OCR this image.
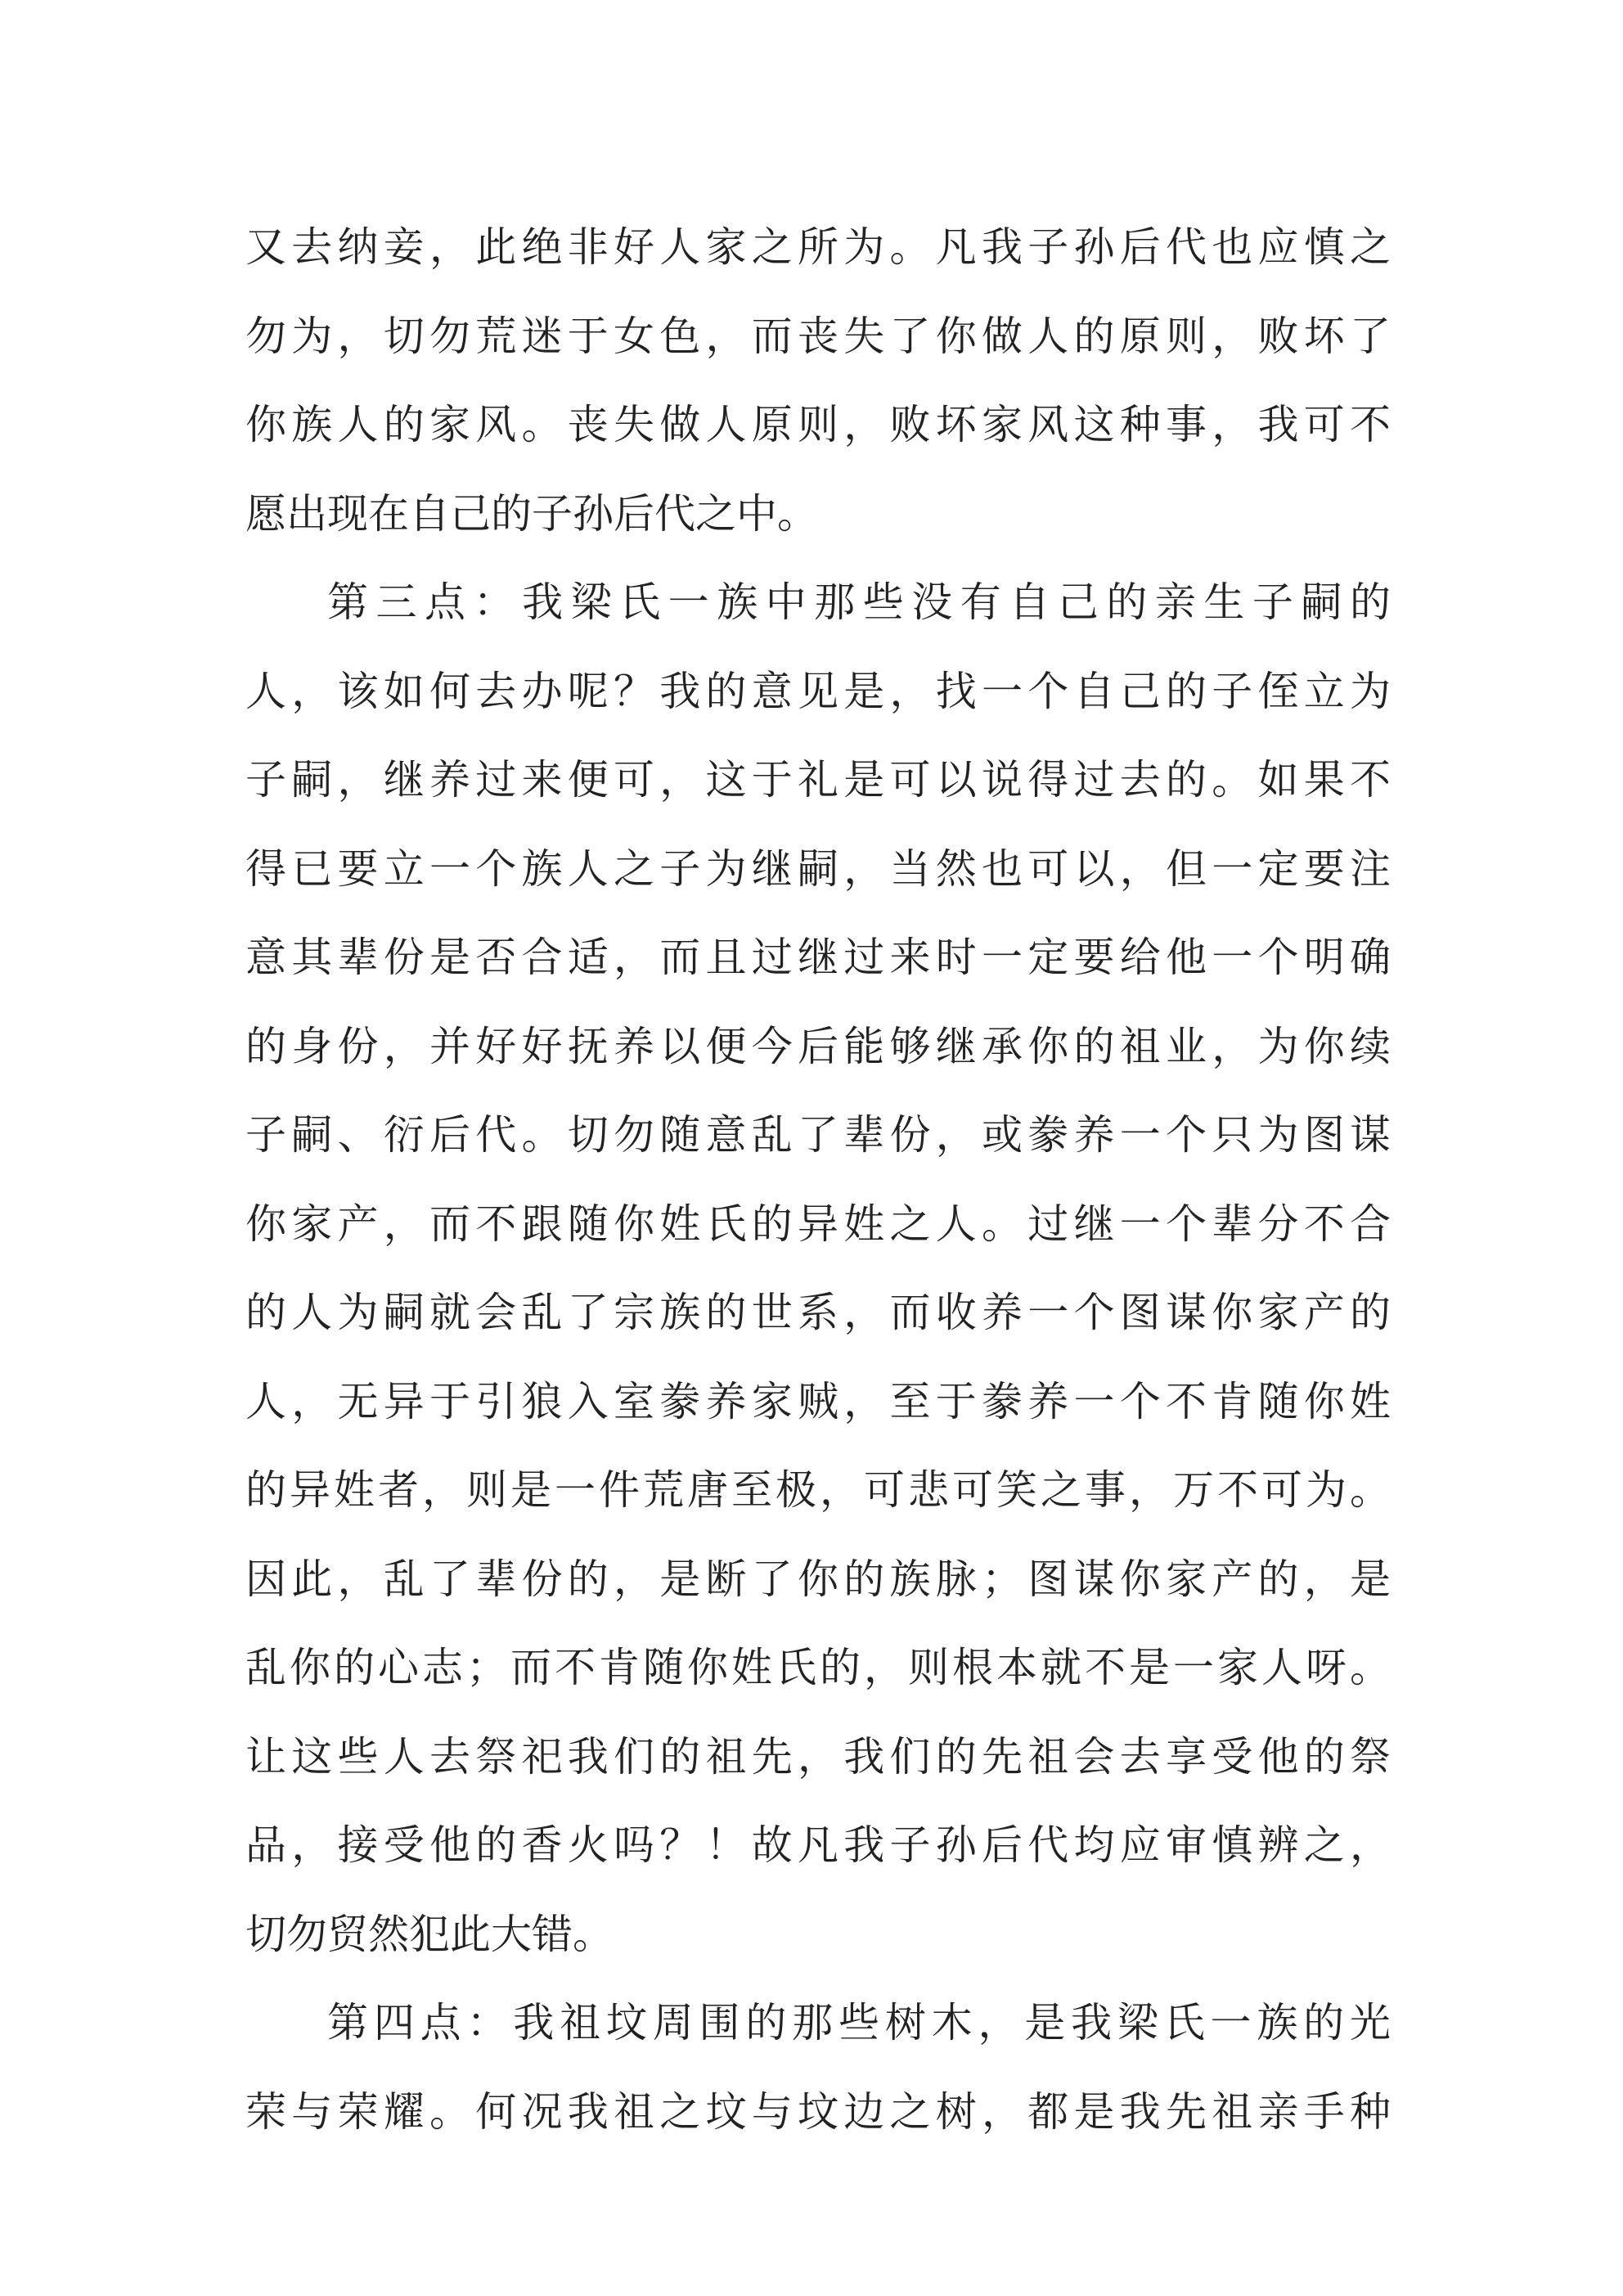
又去纳妾，此绝非好人家之所为。凡我子孙后代也应慎之
勿为，切勿荒迷于女色，而丧失了你做人的原则，败坏了
你族人的家风。丧失做人原则，败坏家风这种事，我可不
愿出现在自己的子孙后代之中。
第三点：我梁氏一族中那些没有自己的亲生子嗣的
人，该如何去办呢？我的意见是，找一个自己的子侄立为
子嗣，继养过来便可，这于礼是可以说得过去的。如果不
得已要立一个族人之子为继嗣，当然也可以，但一定要注
意其辈份是否合适，而且过继过来时一定要给他一个明确
的身份，并好好抚养以便今后能够继承你的祖业，为你续
子嗣、衍后代。切勿随意乱了辈份，或豢养一个只为图谋
你家产，而不跟随你姓氏的异姓之人。过继一个辈分不合
的人为嗣就会乱了宗族的世系，而收养一个图谋你家产的
人，无异于引狼入室豢养家贼，至于豢养一个不肯随你姓
的异姓者，则是一件荒唐至极，可悲可笑之事，万不可为。
因此，乱了辈份的，是断了你的族脉；图谋你家产的，是
乱你的心志；而不肯随你姓氏的，则根本就不是一家人呀。
让这些人去祭祀我们的祖先，我们的先祖会去享受他的祭
品，接受他的香火吗？！故凡我子孙后代均应审慎辨之，
切勿贸然犯此大错。
第四点：我祖坟周围的那些树木，是我梁氏一族的光
荣与荣耀。何况我祖之坟与坟边之树，都是我先祖亲手种
